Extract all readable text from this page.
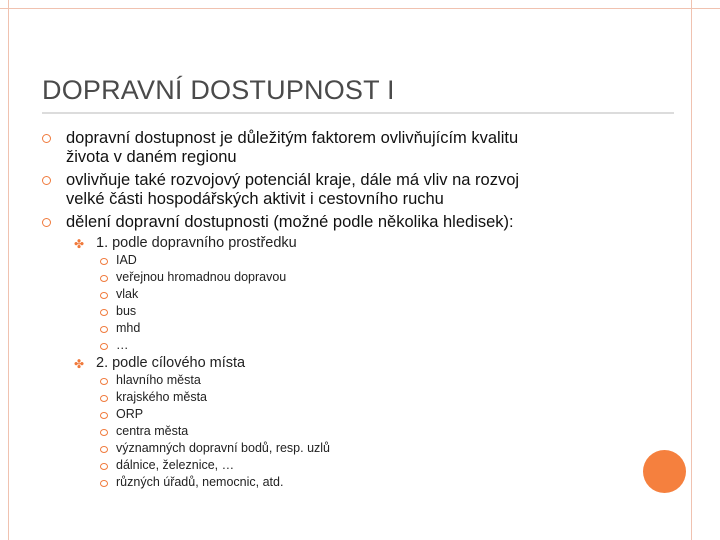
DOPRAVNÍ DOSTUPNOST I
dopravní dostupnost je důležitým faktorem ovlivňujícím kvalitu
života v daném regionu
ovlivňuje také rozvojový potenciál kraje, dále má vliv na rozvoj
velké části hospodářských aktivit i cestovního ruchu
dělení dopravní dostupnosti (možné podle několika hledisek):
✤ 1. podle dopravního prostředku
IAD
veřejnou hromadnou dopravou
vlak
bus
mhd
…
✤ 2. podle cílového místa
hlavního města
krajského města
ORP
centra města
významných dopravní bodů, resp. uzlů
dálnice, železnice, …
různých úřadů, nemocnic, atd.
